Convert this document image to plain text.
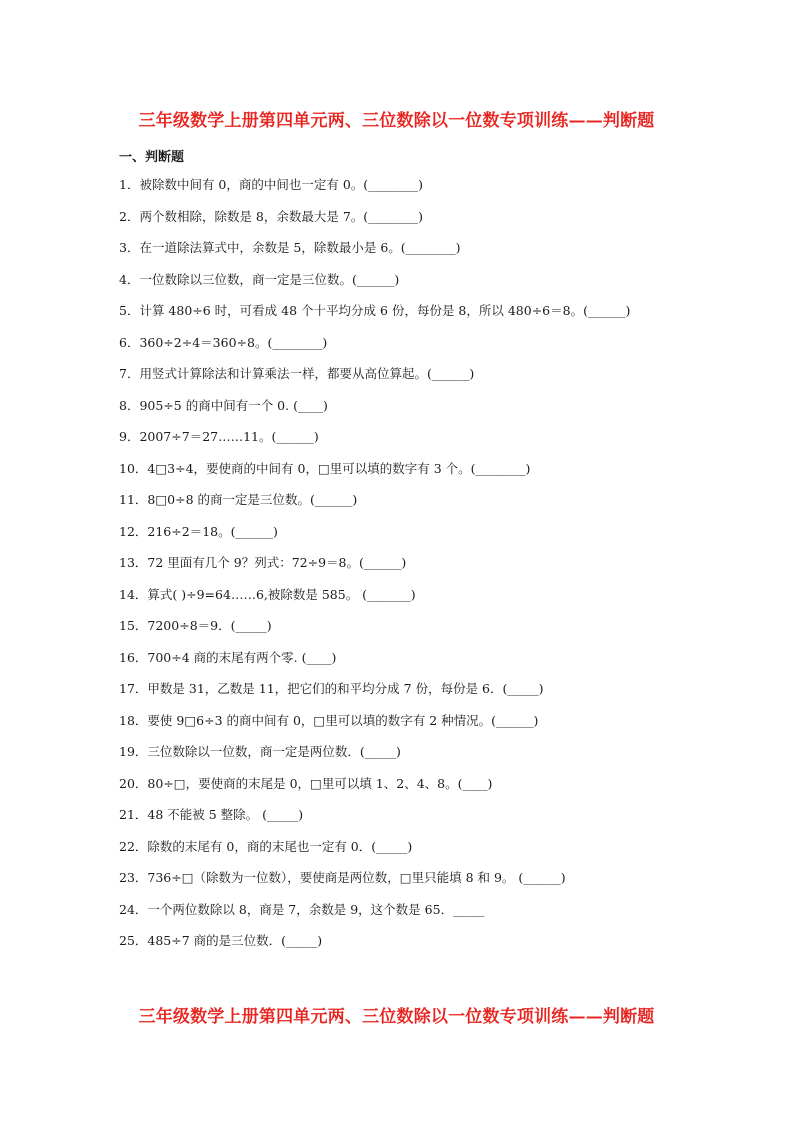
三年级数学上册第四单元两、三位数除以一位数专项训练——判断题
一、判断题
1．被除数中间有 0，商的中间也一定有 0。(________)
2．两个数相除，除数是 8，余数最大是 7。(________)
3．在一道除法算式中，余数是 5，除数最小是 6。(________)
4．一位数除以三位数，商一定是三位数。(______)
5．计算 480÷6 时，可看成 48 个十平均分成 6 份，每份是 8，所以 480÷6＝8。(______)
6．360÷2÷4＝360÷8。(________)
7．用竖式计算除法和计算乘法一样，都要从高位算起。(______)
8．905÷5 的商中间有一个 0. (____)
9．2007÷7＝27……11。(______)
10．4□3÷4，要使商的中间有 0，□里可以填的数字有 3 个。(________)
11．8□0÷8 的商一定是三位数。(______)
12．216÷2＝18。(______)
13．72 里面有几个 9？列式：72÷9＝8。(______)
14．算式( )÷9=64……6,被除数是 585。 (_______)
15．7200÷8＝9．(_____)
16．700÷4 商的末尾有两个零. (____)
17．甲数是 31，乙数是 11，把它们的和平均分成 7 份，每份是 6．(_____)
18．要使 9□6÷3 的商中间有 0，□里可以填的数字有 2 种情况。(______)
19．三位数除以一位数，商一定是两位数．(_____)
20．80÷□，要使商的末尾是 0，□里可以填 1、2、4、8。(____)
21．48 不能被 5 整除。 (_____)
22．除数的末尾有 0，商的末尾也一定有 0．(_____)
23．736÷□（除数为一位数），要使商是两位数，□里只能填 8 和 9。 (______)
24．一个两位数除以 8，商是 7，余数是 9，这个数是 65．_____
25．485÷7 商的是三位数．(_____)
三年级数学上册第四单元两、三位数除以一位数专项训练——判断题
